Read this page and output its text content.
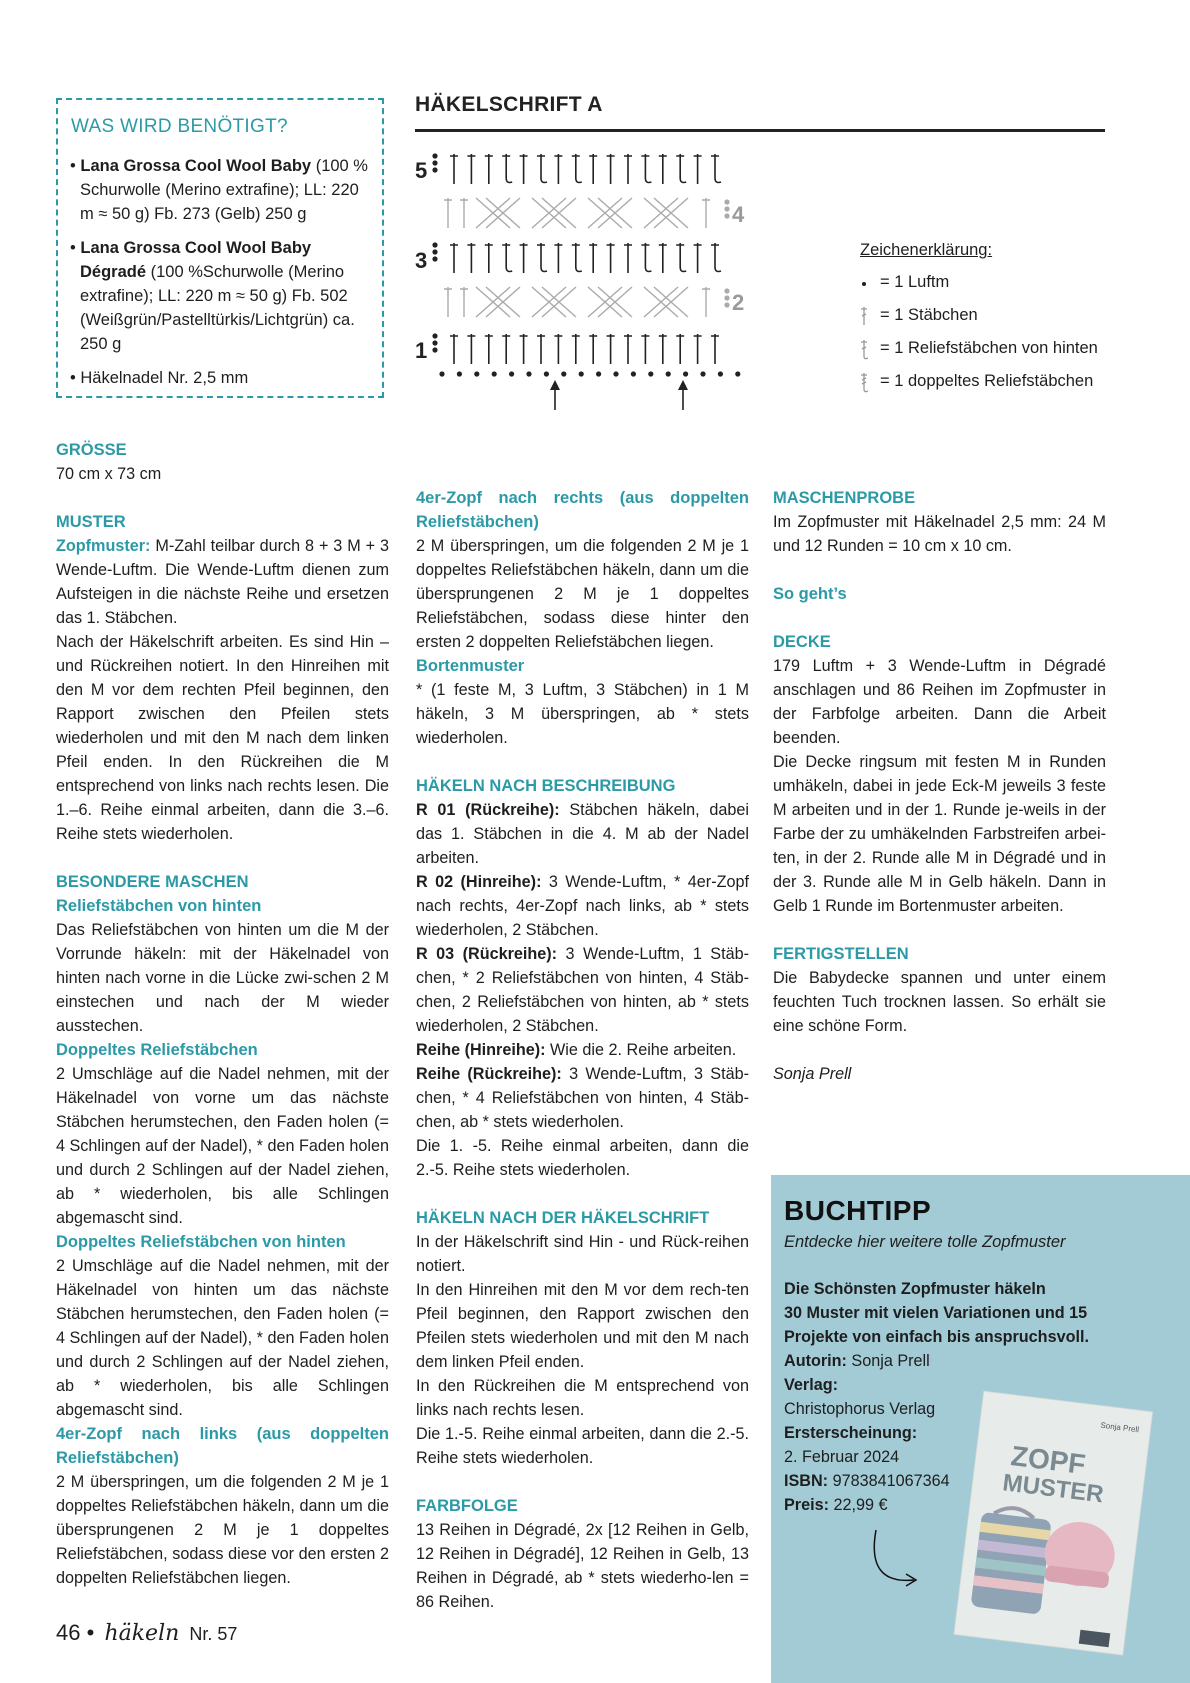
WAS WIRD BENÖTIGT?
• Lana Grossa Cool Wool Baby (100 % Schurwolle (Merino extrafine); LL: 220 m ≈ 50 g) Fb. 273 (Gelb) 250 g
• Lana Grossa Cool Wool Baby Dégradé (100 %Schurwolle (Merino extrafine); LL: 220 m ≈ 50 g) Fb. 502 (Weißgrün/Pastelltürkis/Lichtgrün) ca. 250 g
• Häkelnadel Nr. 2,5 mm
HÄKELSCHRIFT A
5
3
1
4
2
Zeichenerklärung:
= 1 Luftm
= 1 Stäbchen
= 1 Reliefstäbchen von hinten
= 1 doppeltes Reliefstäbchen

GRÖSSE

70 cm x 73 cm

MUSTER

Zopfmuster: M-Zahl teilbar durch 8 + 3 M + 3 Wende-Luftm. Die Wende-Luftm dienen zum Aufsteigen in die nächste Reihe und ersetzen das 1. Stäbchen.

Nach der Häkelschrift arbeiten. Es sind Hin – und Rückreihen notiert. In den Hinreihen mit den M vor dem rechten Pfeil beginnen, den Rapport zwischen den Pfeilen stets wiederholen und mit den M nach dem linken Pfeil enden. In den Rückreihen die M entsprechend von links nach rechts lesen. Die 1.–6. Reihe einmal arbeiten, dann die 3.–6. Reihe stets wiederholen.

BESONDERE MASCHEN

Reliefstäbchen von hinten

Das Reliefstäbchen von hinten um die M der Vorrunde häkeln: mit der Häkelnadel von hinten nach vorne in die Lücke zwi-schen 2 M einstechen und nach der M wieder ausstechen.

Doppeltes Reliefstäbchen

2 Umschläge auf die Nadel nehmen, mit der Häkelnadel von vorne um das nächste Stäbchen herumstechen, den Faden holen (= 4 Schlingen auf der Nadel), * den Faden holen und durch 2 Schlingen auf der Nadel ziehen, ab * wiederholen, bis alle Schlingen abgemascht sind.

Doppeltes Reliefstäbchen von hinten

2 Umschläge auf die Nadel nehmen, mit der Häkelnadel von hinten um das nächste Stäbchen herumstechen, den Faden holen (= 4 Schlingen auf der Nadel), * den Faden holen und durch 2 Schlingen auf der Nadel ziehen, ab * wiederholen, bis alle Schlingen abgemascht sind.

4er-Zopf nach links (aus doppelten Reliefstäbchen)

2 M überspringen, um die folgenden 2 M je 1 doppeltes Reliefstäbchen häkeln, dann um die übersprungenen 2 M je 1 doppeltes Reliefstäbchen, sodass diese vor den ersten 2 doppelten Reliefstäbchen liegen.

4er-Zopf nach rechts (aus doppelten Reliefstäbchen)

2 M überspringen, um die folgenden 2 M je 1 doppeltes Reliefstäbchen häkeln, dann um die übersprungenen 2 M je 1 doppeltes Reliefstäbchen, sodass diese hinter den ersten 2 doppelten Reliefstäbchen liegen.

Bortenmuster

* (1 feste M, 3 Luftm, 3 Stäbchen) in 1 M häkeln, 3 M überspringen, ab * stets wiederholen.

HÄKELN NACH BESCHREIBUNG

R 01 (Rückreihe): Stäbchen häkeln, dabei das 1. Stäbchen in die 4. M ab der Nadel arbeiten.

R 02 (Hinreihe): 3 Wende-Luftm, * 4er-Zopf nach rechts, 4er-Zopf nach links, ab * stets wiederholen, 2 Stäbchen.

R 03 (Rückreihe): 3 Wende-Luftm, 1 Stäb-chen, * 2 Reliefstäbchen von hinten, 4 Stäb-chen, 2 Reliefstäbchen von hinten, ab * stets wiederholen, 2 Stäbchen.

Reihe (Hinreihe): Wie die 2. Reihe arbeiten.

Reihe (Rückreihe): 3 Wende-Luftm, 3 Stäb-chen, * 4 Reliefstäbchen von hinten, 4 Stäb-chen, ab * stets wiederholen.

Die 1. -5. Reihe einmal arbeiten, dann die 2.-5. Reihe stets wiederholen.

HÄKELN NACH DER HÄKELSCHRIFT

In der Häkelschrift sind Hin - und Rück-reihen notiert.

In den Hinreihen mit den M vor dem rech-ten Pfeil beginnen, den Rapport zwischen den Pfeilen stets wiederholen und mit den M nach dem linken Pfeil enden.

In den Rückreihen die M entsprechend von links nach rechts lesen.

Die 1.-5. Reihe einmal arbeiten, dann die 2.-5. Reihe stets wiederholen.

FARBFOLGE

13 Reihen in Dégradé, 2x [12 Reihen in Gelb, 12 Reihen in Dégradé], 12 Reihen in Gelb, 13 Reihen in Dégradé, ab * stets wiederho-len = 86 Reihen.

MASCHENPROBE

Im Zopfmuster mit Häkelnadel 2,5 mm: 24 M und 12 Runden = 10 cm x 10 cm.

So geht’s

DECKE

179 Luftm + 3 Wende-Luftm in Dégradé anschlagen und 86 Reihen im Zopfmuster in der Farbfolge arbeiten. Dann die Arbeit beenden.

Die Decke ringsum mit festen M in Runden umhäkeln, dabei in jede Eck-M jeweils 3 feste M arbeiten und in der 1. Runde je-weils in der Farbe der zu umhäkelnden Farbstreifen arbei-ten, in der 2. Runde alle M in Dégradé und in der 3. Runde alle M in Gelb häkeln. Dann in Gelb 1 Runde im Bortenmuster arbeiten.

FERTIGSTELLEN

Die Babydecke spannen und unter einem feuchten Tuch trocknen lassen. So erhält sie eine schöne Form.

Sonja Prell

BUCHTIPP
Entdecke hier weitere tolle Zopfmuster
Die Schönsten Zopfmuster häkeln
30 Muster mit vielen Variationen und 15 Projekte von einfach bis anspruchsvoll.
Autorin: Sonja Prell
Verlag:
Christophorus Verlag
Ersterscheinung:
2. Februar 2024
ISBN: 9783841067364
Preis: 22,99 €
Sonja Prell
ZOPF
MUSTER
46 • häkeln Nr. 57
